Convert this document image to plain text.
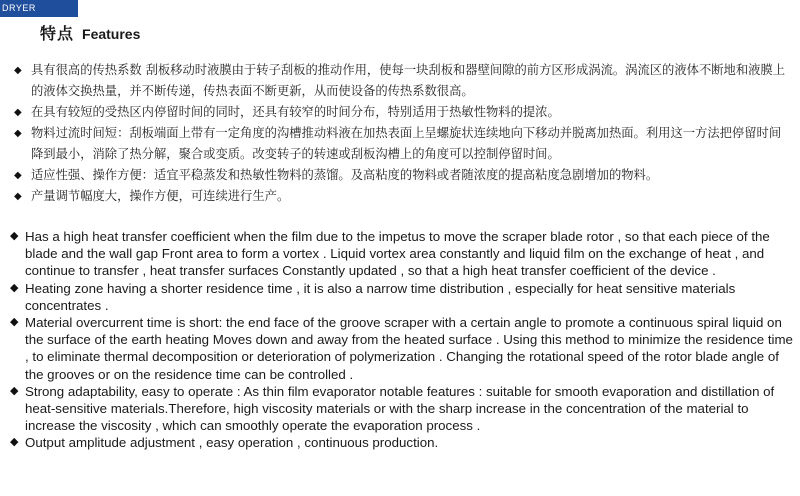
DRYER
特点 Features
◆ 具有很高的传热系数 刮板移动时液膜由于转子刮板的推动作用，使每一块刮板和器壁间隙的前方区形成涡流。涡流区的液体不断地和液膜上的液体交换热量，并不断传递，传热表面不断更新，从而使设备的传热系数很高。
◆ 在具有较短的受热区内停留时间的同时，还具有较窄的时间分布，特别适用于热敏性物料的提浓。
◆ 物料过流时间短：刮板端面上带有一定角度的沟槽推动料液在加热表面上呈螺旋状连续地向下移动并脱离加热面。利用这一方法把停留时间降到最小，消除了热分解，聚合或变质。改变转子的转速或刮板沟槽上的角度可以控制停留时间。
◆ 适应性强、操作方便：适宜平稳蒸发和热敏性物料的蒸馏。及高粘度的物料或者随浓度的提高粘度急剧增加的物料。
◆ 产量调节幅度大，操作方便，可连续进行生产。
◆ Has a high heat transfer coefficient when the film due to the impetus to move the scraper blade rotor , so that each piece of the blade and the wall gap Front area to form a vortex . Liquid vortex area constantly and liquid film on the exchange of heat , and continue to transfer , heat transfer surfaces Constantly updated , so that a high heat transfer coefficient of the device .
◆ Heating zone having a shorter residence time , it is also a narrow time distribution , especially for heat sensitive materials concentrates .
◆ Material overcurrent time is short: the end face of the groove scraper with a certain angle to promote a continuous spiral liquid on the surface of the earth heating Moves down and away from the heated surface . Using this method to minimize the residence time , to eliminate thermal decomposition or deterioration of polymerization . Changing the rotational speed of the rotor blade angle of the grooves or on the residence time can be controlled .
◆ Strong adaptability, easy to operate : As thin film evaporator notable features : suitable for smooth evaporation and distillation of heat-sensitive materials.Therefore, high viscosity materials or with the sharp increase in the concentration of the material to increase the viscosity , which can smoothly operate the evaporation process .
◆ Output amplitude adjustment , easy operation , continuous production.
